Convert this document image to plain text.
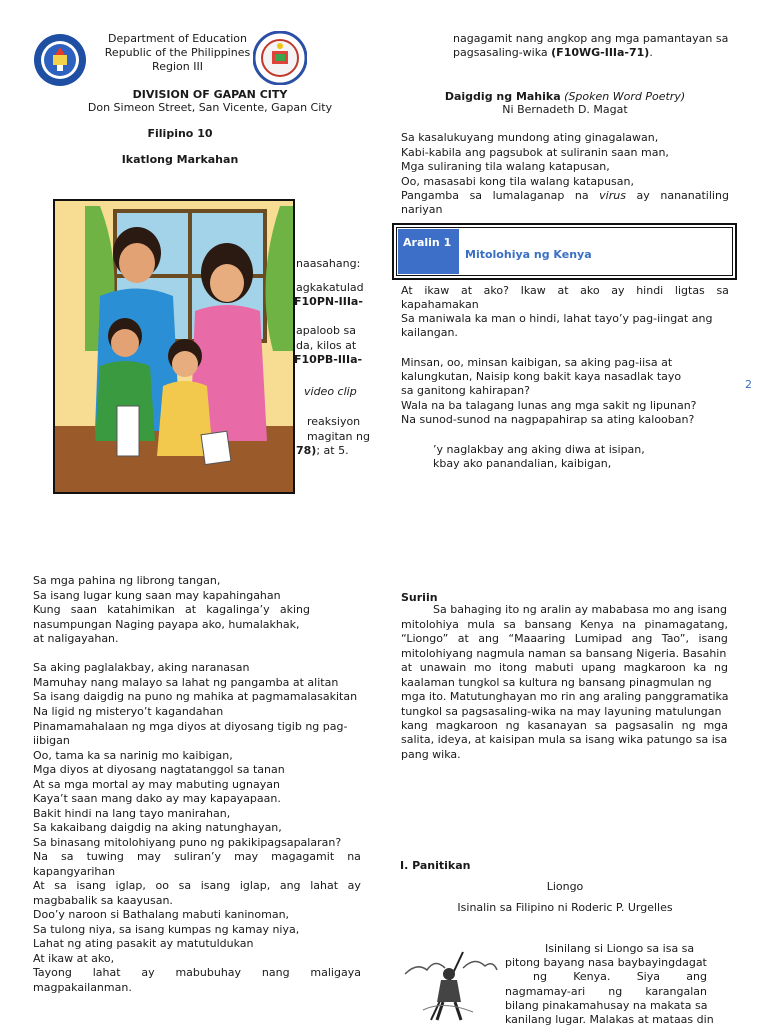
Department of Education
Republic of the Philippines
Region III
DIVISION OF GAPAN CITY
Don Simeon Street, San Vicente, Gapan City
Filipino 10
Ikatlong Markahan
naasahang:
agkakatulad
F10PN-IIIa-
apaloob sa
da, kilos at
F10PB-IIIa-
video clip
reaksiyon
magitan ng
78); at 5.
nagagamit nang angkop ang mga pamantayan sa
pagsasaling-wika (F10WG-IIIa-71).
Daigdig ng Mahika (Spoken Word Poetry)
Ni Bernadeth D. Magat
Sa kasalukuyang mundong ating ginagalawan,
Kabi-kabila ang pagsubok at suliranin saan man,
Mga suliraning tila walang katapusan,
Oo, masasabi kong tila walang katapusan,
Pangamba sa lumalaganap na virus ay nananatiling
nariyan
Aralin 1
Mitolohiya ng Kenya
At ikaw at ako? Ikaw at ako ay hindi ligtas sa
kapahamakan
Sa maniwala ka man o hindi, lahat tayo’y pag-iingat ang
kailangan.
Minsan, oo, minsan kaibigan, sa aking pag-iisa at
kalungkutan, Naisip kong bakit kaya nasadlak tayo
sa ganitong kahirapan?
Wala na ba talagang lunas ang mga sakit ng lipunan?
Na sunod-sunod na nagpapahirap sa ating kalooban?
2
’y naglakbay ang aking diwa at isipan,
kbay ako panandalian, kaibigan,
Sa mga pahina ng librong tangan,
Sa isang lugar kung saan may kapahingahan
Kung saan katahimikan at kagalinga’y aking
nasumpungan Naging payapa ako, humalakhak,
at naligayahan.
Sa aking paglalakbay, aking naranasan
Mamuhay nang malayo sa lahat ng pangamba at alitan
Sa isang daigdig na puno ng mahika at pagmamalasakitan
Na ligid ng misteryo’t kagandahan
Pinamamahalaan ng mga diyos at diyosang tigib ng pag-
iibigan
Oo, tama ka sa narinig mo kaibigan,
Mga diyos at diyosang nagtatanggol sa tanan
At sa mga mortal ay may mabuting ugnayan
Kaya’t saan mang dako ay may kapayapaan.
Bakit hindi na lang tayo manirahan,
Sa kakaibang daigdig na aking natunghayan,
Sa binasang mitolohiyang puno ng pakikipagsapalaran?
Na sa tuwing may suliran’y may magagamit na
kapangyarihan
At sa isang iglap, oo sa isang iglap, ang lahat ay
magbabalik sa kaayusan.
Doo’y naroon si Bathalang mabuti kaninoman,
Sa tulong niya, sa isang kumpas ng kamay niya,
Lahat ng ating pasakit ay matutuldukan
At ikaw at ako,
Tayong lahat ay mabubuhay nang maligaya
magpakailanman.
Suriin
Sa bahaging ito ng aralin ay mababasa mo ang isang
mitolohiya mula sa bansang Kenya na pinamagatang,
“Liongo” at ang “Maaaring Lumipad ang Tao”, isang
mitolohiyang nagmula naman sa bansang Nigeria. Basahin
at unawain mo itong mabuti upang magkaroon ka ng
kaalaman tungkol sa kultura ng bansang pinagmulan ng
mga ito. Matutunghayan mo rin ang araling panggramatika
tungkol sa pagsasaling-wika na may layuning matulungan
kang magkaroon ng kasanayan sa pagsasalin ng mga
salita, ideya, at kaisipan mula sa isang wika patungo sa isa
pang wika.
I. Panitikan
Liongo
Isinalin sa Filipino ni Roderic P. Urgelles
Isinilang si Liongo sa isa sa
pitong bayang nasa baybayingdagat
ng Kenya. Siya ang
nagmamay-ari ng karangalan
bilang pinakamahusay na makata sa
kanilang lugar. Malakas at mataas din
